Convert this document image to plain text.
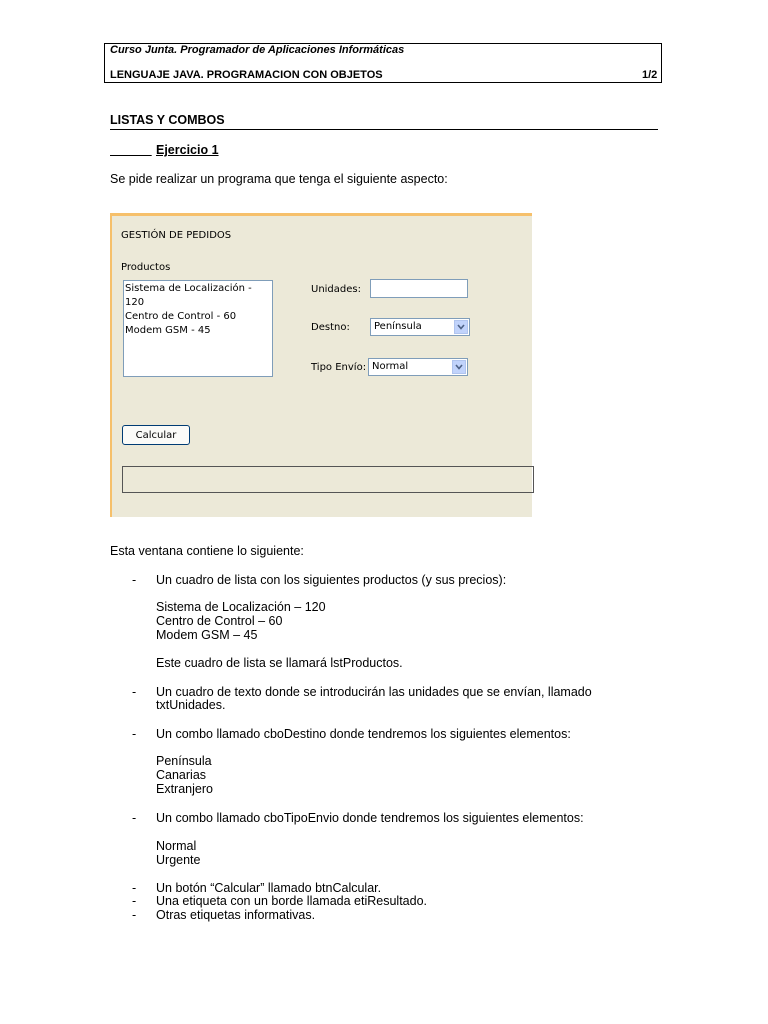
Curso Junta. Programador de Aplicaciones Informáticas
LENGUAJE JAVA. PROGRAMACION CON OBJETOS	1/2
LISTAS Y COMBOS
Ejercicio 1

Se pide realizar un programa que tenga el siguiente aspecto:
GESTIÓN DE PEDIDOS
Productos
Sistema de Localización - 120
Centro de Control - 60
Modem GSM - 45
Unidades:
Destno: Península
Tipo Envío: Normal
Calcular
Esta ventana contiene lo siguiente:
- Un cuadro de lista con los siguientes productos (y sus precios):
Sistema de Localización – 120
Centro de Control – 60
Modem GSM – 45
Este cuadro de lista se llamará lstProductos.
- Un cuadro de texto donde se introducirán las unidades que se envían, llamado
txtUnidades.
- Un combo llamado cboDestino donde tendremos los siguientes elementos:
Península
Canarias
Extranjero
- Un combo llamado cboTipoEnvio donde tendremos los siguientes elementos:
Normal
Urgente
- Un botón “Calcular” llamado btnCalcular.
- Una etiqueta con un borde llamada etiResultado.
- Otras etiquetas informativas.
